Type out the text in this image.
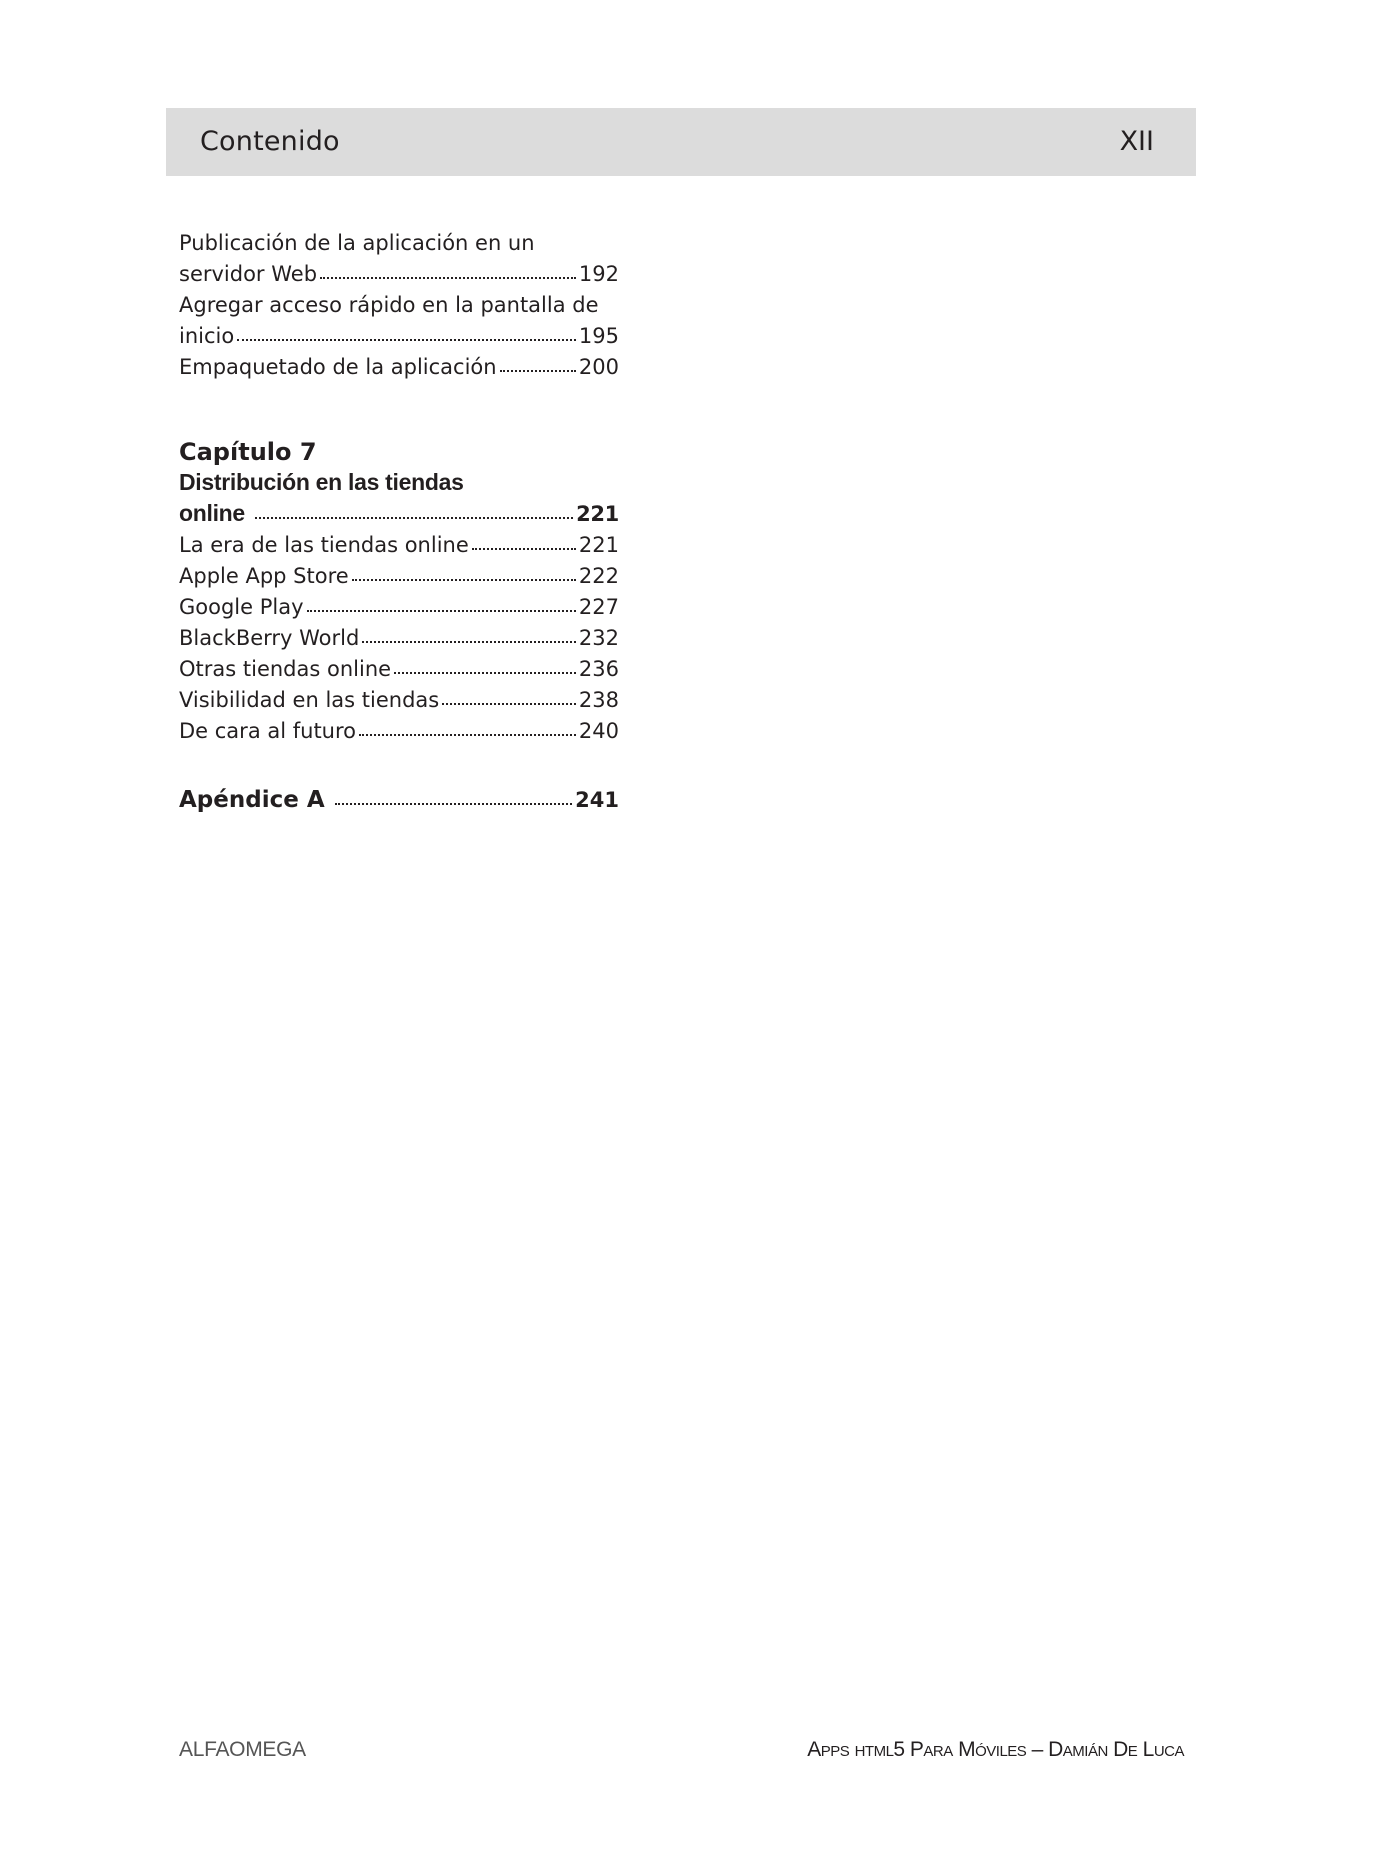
Contenido	XII
Publicación de la aplicación en un
servidor Web	192
Agregar acceso rápido en la pantalla de
inicio	195
Empaquetado de la aplicación	200
Capítulo 7
Distribución en las tiendas
online	221
La era de las tiendas online	221
Apple App Store	222
Google Play	227
BlackBerry World	232
Otras tiendas online	236
Visibilidad en las tiendas	238
De cara al futuro	240
Apéndice A	241
ALFAOMEGA	Apps html5 Para Móviles – Damián De Luca
